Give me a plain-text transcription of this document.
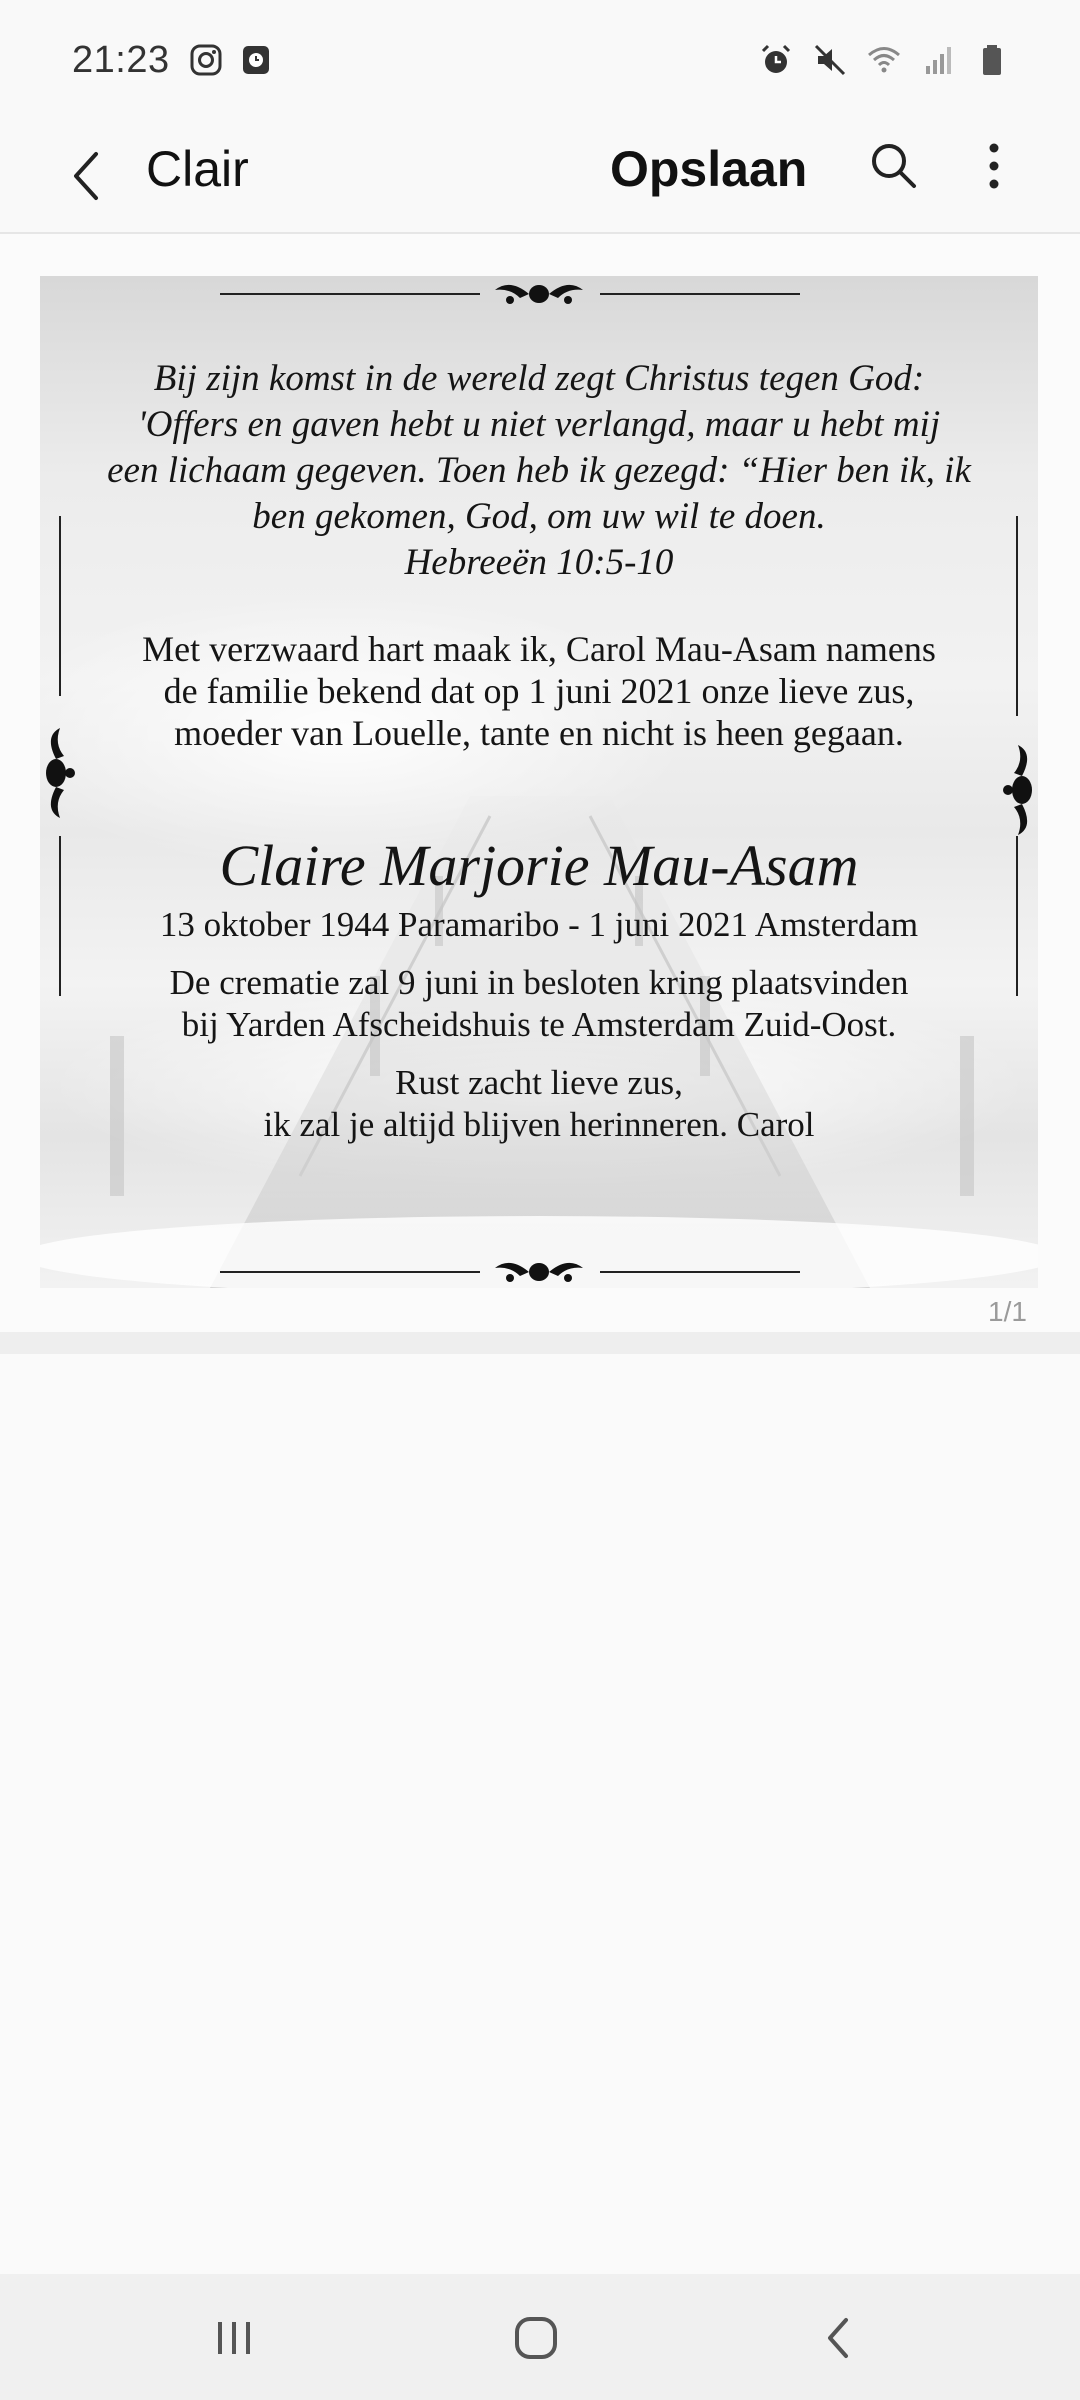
21:23
Clair	Opslaan
Bij zijn komst in de wereld zegt Christus tegen God:
'Offers en gaven hebt u niet verlangd, maar u hebt mij
een lichaam gegeven. Toen heb ik gezegd: “Hier ben ik, ik
ben gekomen, God, om uw wil te doen.
Hebreeën 10:5-10
Met verzwaard hart maak ik, Carol Mau-Asam namens
de familie bekend dat op 1 juni 2021 onze lieve zus,
moeder van Louelle, tante en nicht is heen gegaan.
Claire Marjorie Mau-Asam
13 oktober 1944 Paramaribo - 1 juni 2021 Amsterdam
De crematie zal 9 juni in besloten kring plaatsvinden
bij Yarden Afscheidshuis te Amsterdam Zuid-Oost.
Rust zacht lieve zus,
ik zal je altijd blijven herinneren. Carol
1/1
